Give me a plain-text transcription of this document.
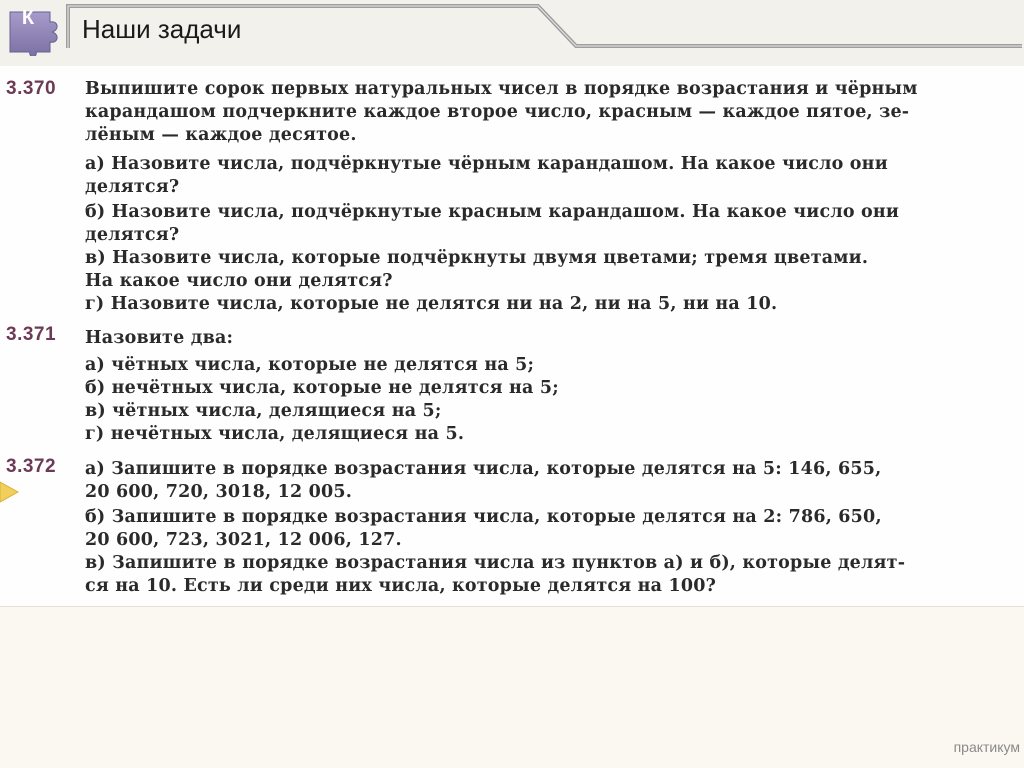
К	Наши задачи
3.370 Выпишите сорок первых натуральных чисел в порядке возрастания и чёрным
карандашом подчеркните каждое второе число, красным — каждое пятое, зе-
лёным — каждое десятое.
а) Назовите числа, подчёркнутые чёрным карандашом. На какое число они
делятся?
б) Назовите числа, подчёркнутые красным карандашом. На какое число они
делятся?
в) Назовите числа, которые подчёркнуты двумя цветами; тремя цветами.
На какое число они делятся?
г) Назовите числа, которые не делятся ни на 2, ни на 5, ни на 10.
3.371 Назовите два:
а) чётных числа, которые не делятся на 5;
б) нечётных числа, которые не делятся на 5;
в) чётных числа, делящиеся на 5;
г) нечётных числа, делящиеся на 5.
3.372 а) Запишите в порядке возрастания числа, которые делятся на 5: 146, 655,
20 600, 720, 3018, 12 005.
б) Запишите в порядке возрастания числа, которые делятся на 2: 786, 650,
20 600, 723, 3021, 12 006, 127.
в) Запишите в порядке возрастания числа из пунктов а) и б), которые делят-
ся на 10. Есть ли среди них числа, которые делятся на 100?
практикум
